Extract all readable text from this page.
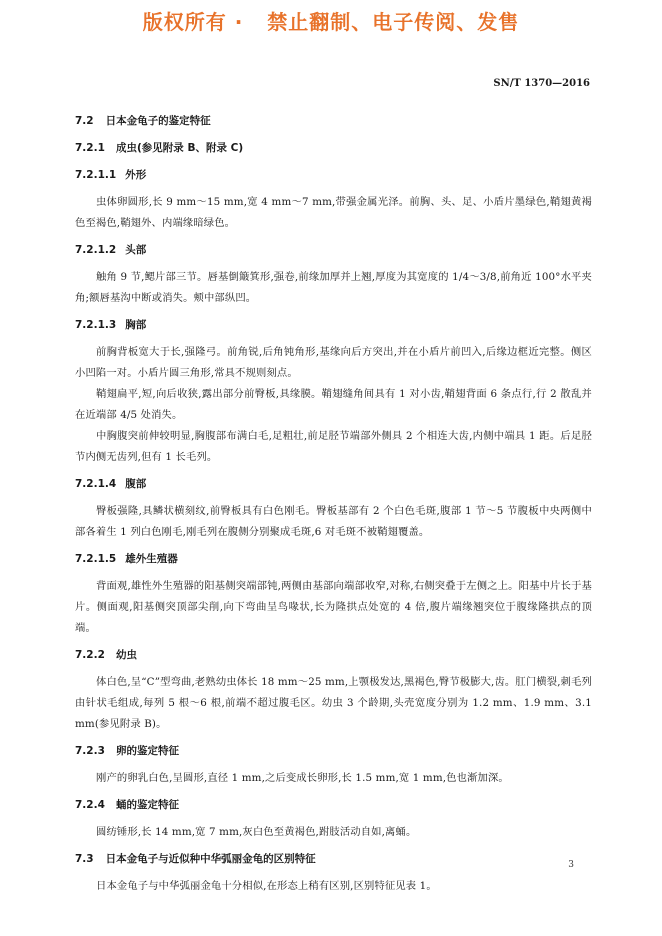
版权所有 ·   禁止翻制、电子传阅、发售
SN/T 1370—2016
7.2 日本金龟子的鉴定特征
7.2.1 成虫(参见附录 B、附录 C)
7.2.1.1 外形

虫体卵圆形,长 9 mm～15 mm,宽 4 mm～7 mm,带强金属光泽。前胸、头、足、小盾片墨绿色,鞘翅黄褐色至褐色,鞘翅外、内端缘暗绿色。

7.2.1.2 头部

触角 9 节,鳃片部三节。唇基倒簸箕形,强卷,前缘加厚并上翘,厚度为其宽度的 1/4～3/8,前角近 100°水平夹角;额唇基沟中断或消失。颊中部纵凹。

7.2.1.3 胸部

前胸背板宽大于长,强隆弓。前角锐,后角钝角形,基缘向后方突出,并在小盾片前凹入,后缘边框近完整。侧区小凹陷一对。小盾片圆三角形,常具不规则刻点。

鞘翅扁平,短,向后收狭,露出部分前臀板,具缘膜。鞘翅缝角间具有 1 对小齿,鞘翅背面 6 条点行,行 2 散乱并在近端部 4/5 处消失。

中胸腹突前伸较明显,胸腹部布满白毛,足粗壮,前足胫节端部外侧具 2 个相连大齿,内侧中端具 1 距。后足胫节内侧无齿列,但有 1 长毛列。

7.2.1.4 腹部

臀板强隆,具鳞状横刻纹,前臀板具有白色刚毛。臀板基部有 2 个白色毛斑,腹部 1 节～5 节腹板中央两侧中部各着生 1 列白色刚毛,刚毛列在腹侧分别聚成毛斑,6 对毛斑不被鞘翅覆盖。

7.2.1.5 雄外生殖器

背面观,雄性外生殖器的阳基侧突端部钝,两侧由基部向端部收窄,对称,右侧突叠于左侧之上。阳基中片长于基片。侧面观,阳基侧突顶部尖削,向下弯曲呈鸟喙状,长为隆拱点处宽的 4 倍,腹片端缘翘突位于腹缘隆拱点的顶端。

7.2.2 幼虫

体白色,呈“C”型弯曲,老熟幼虫体长 18 mm～25 mm,上颚极发达,黑褐色,臀节极膨大,齿。肛门横裂,刺毛列由针状毛组成,每列 5 根～6 根,前端不超过腹毛区。幼虫 3 个龄期,头壳宽度分别为 1.2 mm、1.9 mm、3.1 mm(参见附录 B)。

7.2.3 卵的鉴定特征

刚产的卵乳白色,呈圆形,直径 1 mm,之后变成长卵形,长 1.5 mm,宽 1 mm,色也渐加深。

7.2.4 蛹的鉴定特征

圆纺锤形,长 14 mm,宽 7 mm,灰白色至黄褐色,跗肢活动自如,离蛹。

7.3 日本金龟子与近似种中华弧丽金龟的区别特征

日本金龟子与中华弧丽金龟十分相似,在形态上稍有区别,区别特征见表 1。

3
